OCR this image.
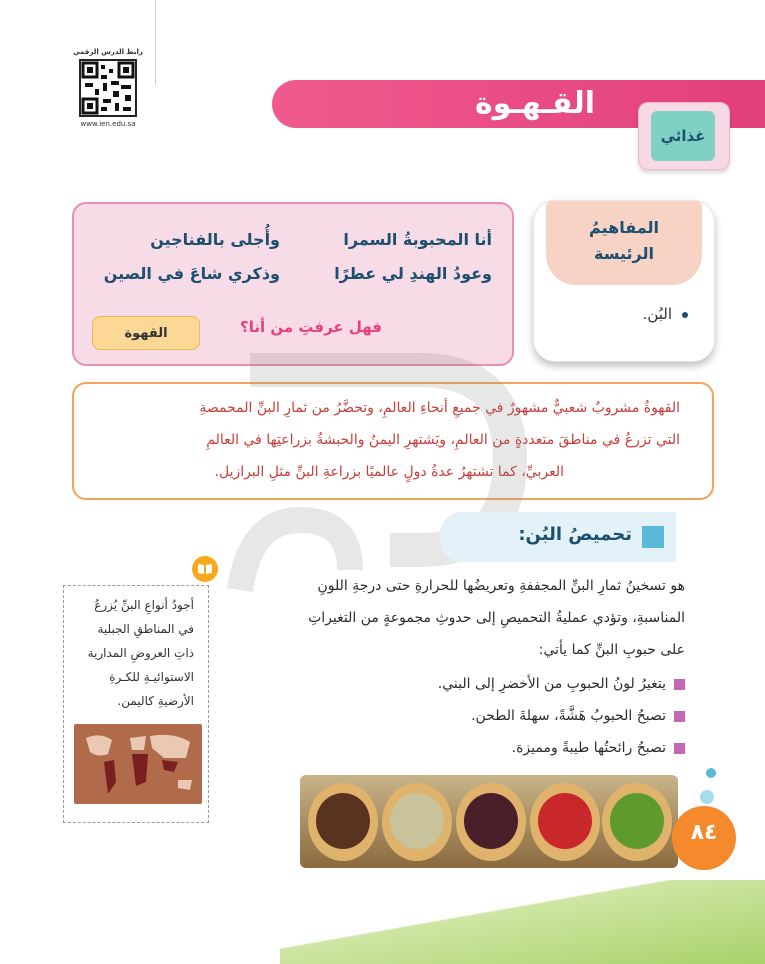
رابط الدرس الرقمي
www.ien.edu.sa
القـهـوة
غذائي
المفاهيمُ
الرئيسة
البُن.
أنا المحبوبةُ السمرا
وأُجلى بالفناجين
وعودُ الهندِ لي عطرًا
وذكري شاعَ في الصين
فهل عرفتِ من أنا؟
القهوة
القهوةُ مشروبٌ شعبيٌّ مشهورٌ في جميعِ أنحاءِ العالمِ، وتحضَّرُ من ثمارِ البنِّ المحمصةِ
التي تزرعُ في مناطقَ متعددةٍ من العالمِ، ويَشتهرِ اليمنُ والحبشةُ بزراعتِها في العالمِ
العربيِّ، كما تشتهرُ عدةُ دولٍ عالميًا بزراعةِ البنِّ مثلِ البرازيل.
تحميصُ البُن:
هو تسخينُ ثمارِ البنِّ المجففةِ وتعريضُها للحرارةِ حتى درجةِ اللونِ
المناسبةِ، وتؤدي عمليةُ التحميصِ إلى حدوثِ مجموعةٍ من التغيراتِ
على حبوبِ البنِّ كما يأتي:
يتغيرُ لونُ الحبوبِ من الأخضرِ إلى البني.
تصبحُ الحبوبُ هَشَّةً، سهلةَ الطحن.
تصبحُ رائحتُها طيبةً ومميزة.
أجودُ أنواعِ البنِّ يُزرعُ
في المناطقِ الجبلية
ذاتِ العروضِ المدارية
الاستوائيـةِ للكـرةِ
الأرضيةِ كاليمن.
٨٤
